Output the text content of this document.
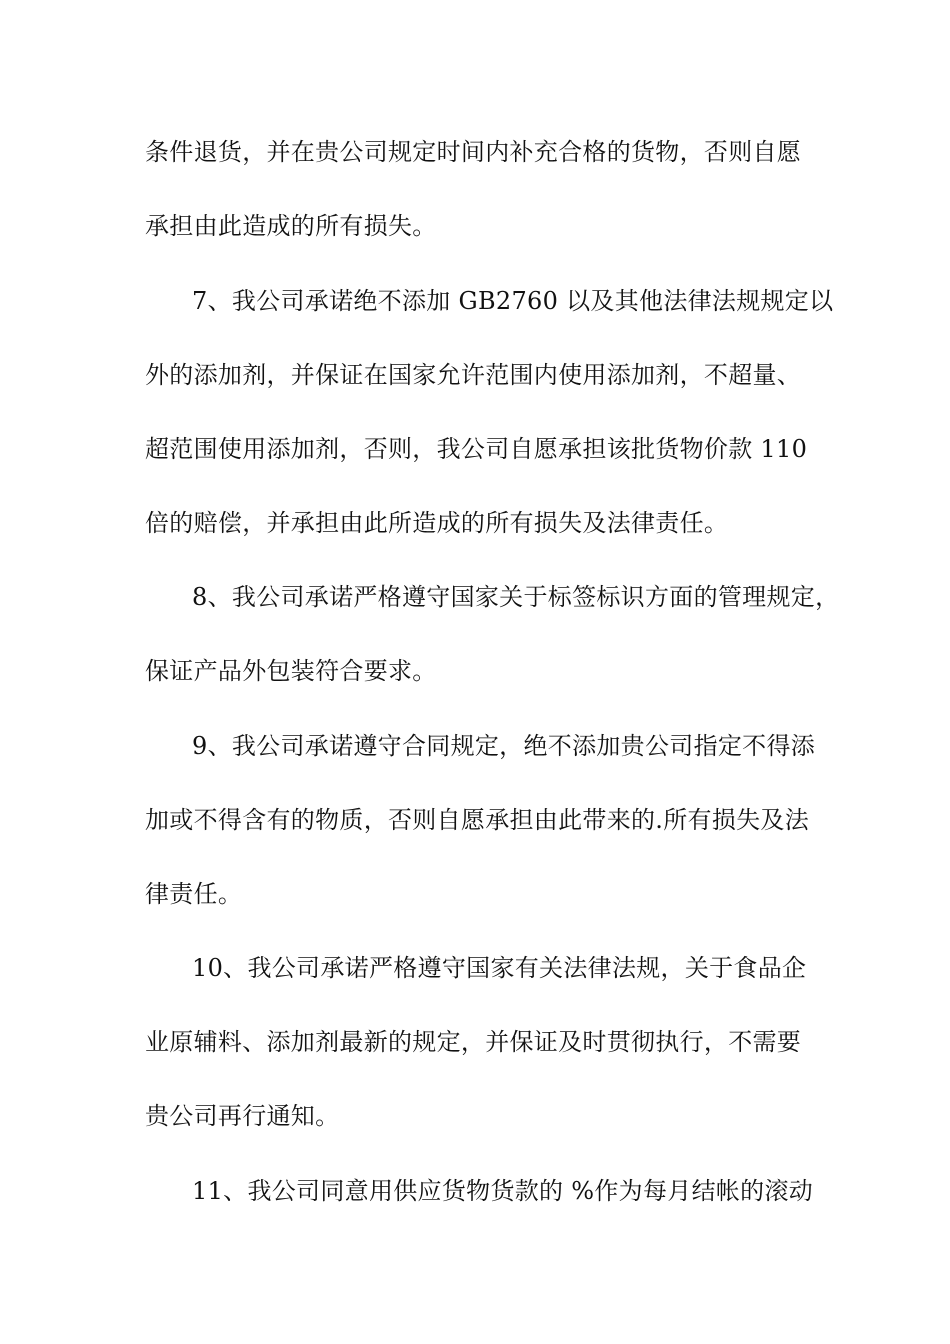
条件退货，并在贵公司规定时间内补充合格的货物，否则自愿
承担由此造成的所有损失。
7、我公司承诺绝不添加 GB2760 以及其他法律法规规定以
外的添加剂，并保证在国家允许范围内使用添加剂，不超量、
超范围使用添加剂，否则，我公司自愿承担该批货物价款 110
倍的赔偿，并承担由此所造成的所有损失及法律责任。
8、我公司承诺严格遵守国家关于标签标识方面的管理规定，
保证产品外包装符合要求。
9、我公司承诺遵守合同规定，绝不添加贵公司指定不得添
加或不得含有的物质，否则自愿承担由此带来的.所有损失及法
律责任。
10、我公司承诺严格遵守国家有关法律法规，关于食品企
业原辅料、添加剂最新的规定，并保证及时贯彻执行，不需要
贵公司再行通知。
11、我公司同意用供应货物货款的 %作为每月结帐的滚动
